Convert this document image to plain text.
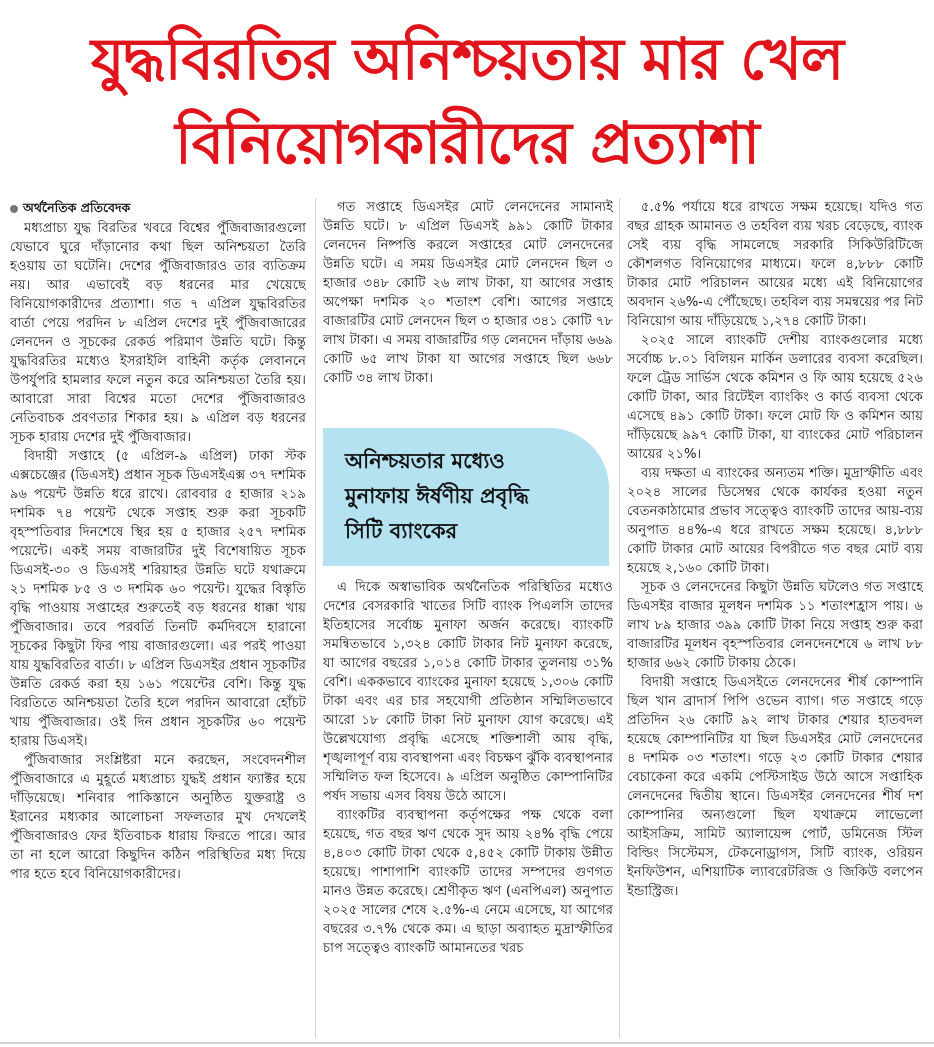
যুদ্ধবিরতির অনিশ্চয়তায় মার খেল
বিনিয়োগকারীদের প্রত্যাশা
অর্থনৈতিক প্রতিবেদক

মধ্যপ্রাচ্য যুদ্ধ বিরতির খবরে বিশ্বের পুঁজিবাজারগুলো যেভাবে ঘুরে দাঁড়ানোর কথা ছিল অনিশ্চয়তা তৈরি হওয়ায় তা ঘটেনি। দেশের পুঁজিবাজারও তার ব্যতিক্রম নয়। আর এভাবেই বড় ধরনের মার খেয়েছে বিনিয়োগকারীদের প্রত্যাশা। গত ৭ এপ্রিল যুদ্ধবিরতির বার্তা পেয়ে পরদিন ৮ এপ্রিল দেশের দুই পুঁজিবাজারের লেনদেন ও সূচকের রেকর্ড পরিমাণ উন্নতি ঘটে। কিন্তু যুদ্ধবিরতির মধ্যেও ইসরাইলি বাহিনী কর্তৃক লেবাননে উপর্যুপরি হামলার ফলে নতুন করে অনিশ্চয়তা তৈরি হয়। আবারো সারা বিশ্বের মতো দেশের পুঁজিবাজারও নেতিবাচক প্রবণতার শিকার হয়। ৯ এপ্রিল বড় ধরনের সূচক হারায় দেশের দুই পুঁজিবাজার।

বিদায়ী সপ্তাহে (৫ এপ্রিল-৯ এপ্রিল) ঢাকা স্টক এক্সচেঞ্জের (ডিএসই) প্রধান সূচক ডিএসইএক্স ৩৭ দশমিক ৯৬ পয়েন্ট উন্নতি ধরে রাখে। রোববার ৫ হাজার ২১৯ দশমিক ৭৪ পয়েন্ট থেকে সপ্তাহ শুরু করা সূচকটি বৃহস্পতিবার দিনশেষে স্থির হয় ৫ হাজার ২৫৭ দশমিক পয়েন্টে। একই সময় বাজারটির দুই বিশেষায়িত সূচক ডিএসই-৩০ ও ডিএসই শরিয়াহর উন্নতি ঘটে যথাক্রমে ২১ দশমিক ৮৫ ও ৩ দশমিক ৬০ পয়েন্ট। যুদ্ধের বিস্তৃতি বৃদ্ধি পাওয়ায় সপ্তাহের শুরুতেই বড় ধরনের ধাক্কা খায় পুঁজিবাজার। তবে পরবর্তি তিনটি কর্মদিবসে হারানো সূচকের কিছুটা ফির পায় বাজারগুলো। এর পরই পাওয়া যায় যুদ্ধবিরতির বার্তা। ৮ এপ্রিল ডিএসইর প্রধান সূচকটির উন্নতি রেকর্ড করা হয় ১৬১ পয়েন্টের বেশি। কিন্তু যুদ্ধ বিরতিতে অনিশ্চয়তা তৈরি হলে পরদিন আবারো হোঁচট খায় পুঁজিবাজার। ওই দিন প্রধান সূচকটির ৬০ পয়েন্ট হারায় ডিএসই।

পুঁজিবাজার সংশ্লিষ্টরা মনে করছেন, সংবেদনশীল পুঁজিবাজারে এ মুহূর্তে মধ্যপ্রাচ্য যুদ্ধই প্রধান ফ্যাক্টর হয়ে দাঁড়িয়েছে। শনিবার পাকিস্তানে অনুষ্ঠিত যুক্তরাষ্ট্র ও ইরানের মধ্যকার আলোচনা সফলতার মুখ দেখলেই পুঁজিবাজারও ফের ইতিবাচক ধারায় ফিরতে পারে। আর তা না হলে আরো কিছুদিন কঠিন পরিস্থিতির মধ্য দিয়ে পার হতে হবে বিনিয়োগকারীদের।

গত সপ্তাহে ডিএসইর মোট লেনদেনের সামান্যই উন্নতি ঘটে। ৮ এপ্রিল ডিএসই ৯৯১ কোটি টাকার লেনদেন নিষ্পত্তি করলে সপ্তাহের মোট লেনদেনের উন্নতি ঘটে। এ সময় ডিএসইর মোট লেনদেন ছিল ৩ হাজার ৩৪৮ কোটি ২৬ লাখ টাকা, যা আগের সপ্তাহ অপেক্ষা দশমিক ২০ শতাংশ বেশি। আগের সপ্তাহে বাজারটির মোট লেনদেন ছিল ৩ হাজার ৩৪১ কোটি ৭৮ লাখ টাকা। এ সময় বাজারটির গড় লেনদেন দাঁড়ায় ৬৬৯ কোটি ৬৫ লাখ টাকা যা আগের সপ্তাহে ছিল ৬৬৮ কোটি ৩৪ লাখ টাকা।

অনিশ্চয়তার মধ্যেও
মুনাফায় ঈর্ষণীয় প্রবৃদ্ধি
সিটি ব্যাংকের

এ দিকে অস্বাভাবিক অর্থনৈতিক পরিস্থিতির মধ্যেও দেশের বেসরকারি খাতের সিটি ব্যাংক পিএলসি তাদের ইতিহাসের সর্বোচ্চ মুনাফা অর্জন করেছে। ব্যাংকটি সমন্বিতভাবে ১,৩২৪ কোটি টাকার নিট মুনাফা করেছে, যা আগের বছরের ১,০১৪ কোটি টাকার তুলনায় ৩১% বেশি। এককভাবে ব্যাংকের মুনাফা হয়েছে ১,৩০৬ কোটি টাকা এবং এর চার সহযোগী প্রতিষ্ঠান সম্মিলিতভাবে আরো ১৮ কোটি টাকা নিট মুনাফা যোগ করেছে। এই উল্লেখযোগ্য প্রবৃদ্ধি এসেছে শক্তিশালী আয় বৃদ্ধি, শৃঙ্খলাপূর্ণ ব্যয় ব্যবস্থাপনা এবং বিচক্ষণ ঝুঁকি ব্যবস্থাপনার সম্মিলিত ফল হিসেবে। ৯ এপ্রিল অনুষ্ঠিত কোম্পানিটির পর্ষদ সভায় এসব বিষয় উঠে আসে।

ব্যাংকটির ব্যবস্থাপনা কর্তৃপক্ষের পক্ষ থেকে বলা হয়েছে, গত বছর ঋণ থেকে সুদ আয় ২৪% বৃদ্ধি পেয়ে ৪,৪০৩ কোটি টাকা থেকে ৫,৪৫২ কোটি টাকায় উন্নীত হয়েছে। পাশাপাশি ব্যাংকটি তাদের সম্পদের গুণগত মানও উন্নত করেছে। শ্রেণীকৃত ঋণ (এনপিএল) অনুপাত ২০২৫ সালের শেষে ২.৫%-এ নেমে এসেছে, যা আগের বছরের ৩.৭% থেকে কম। এ ছাড়া অব্যাহত মুদ্রাস্ফীতির চাপ সত্ত্বেও ব্যাংকটি আমানতের খরচ

৫.৫% পর্যায়ে ধরে রাখতে সক্ষম হয়েছে। যদিও গত বছর গ্রাহক আমানত ও তহবিল ব্যয় খরচ বেড়েছে, ব্যাংক সেই ব্যয় বৃদ্ধি সামলেছে সরকারি সিকিউরিটিজে কৌশলগত বিনিয়োগের মাধ্যমে। ফলে ৪,৮৮৮ কোটি টাকার মোট পরিচালন আয়ের মধ্যে এই বিনিয়োগের অবদান ২৬%-এ পৌঁছেছে। তহবিল ব্যয় সমন্বয়ের পর নিট বিনিয়োগ আয় দাঁড়িয়েছে ১,২৭৪ কোটি টাকা।

২০২৫ সালে ব্যাংকটি দেশীয় ব্যাংকগুলোর মধ্যে সর্বোচ্চ ৮.০১ বিলিয়ন মার্কিন ডলারের ব্যবসা করেছিল। ফলে ট্রেড সার্ভিস থেকে কমিশন ও ফি আয় হয়েছে ৫২৬ কোটি টাকা, আর রিটেইল ব্যাংকিং ও কার্ড ব্যবসা থেকে এসেছে ৪৯১ কোটি টাকা। ফলে মোট ফি ও কমিশন আয় দাঁড়িয়েছে ৯৯৭ কোটি টাকা, যা ব্যাংকের মোট পরিচালন আয়ের ২১%।

ব্যয় দক্ষতা এ ব্যাংকের অন্যতম শক্তি। মুদ্রাস্ফীতি এবং ২০২৪ সালের ডিসেম্বর থেকে কার্যকর হওয়া নতুন বেতনকাঠামোর প্রভাব সত্ত্বেও ব্যাংকটি তাদের আয়-ব্যয় অনুপাত ৪৪%-এ ধরে রাখতে সক্ষম হয়েছে। ৪,৮৮৮ কোটি টাকার মোট আয়ের বিপরীতে গত বছর মোট ব্যয় হয়েছে ২,১৬০ কোটি টাকা।

সূচক ও লেনদেনের কিছুটা উন্নতি ঘটলেও গত সপ্তাহে ডিএসইর বাজার মূলধন দশমিক ১১ শতাংশহ্রাস পায়। ৬ লাখ ৮৯ হাজার ৩৯৯ কোটি টাকা নিয়ে সপ্তাহ শুরু করা বাজারটির মূলধন বৃহস্পতিবার লেনদেনশেষে ৬ লাখ ৮৮ হাজার ৬৬২ কোটি টাকায় ঠেকে।

বিদায়ী সপ্তাহে ডিএসইতে লেনদেনের শীর্ষ কোম্পানি ছিল খান ব্রাদার্স পিপি ওভেন ব্যাগ। গত সপ্তাহে গড়ে প্রতিদিন ২৬ কোটি ৯২ লাখ টাকার শেয়ার হাতবদল হয়েছে কোম্পানিটির যা ছিল ডিএসইর মোট লেনদেনের ৪ দশমিক ০৩ শতাংশ। গড়ে ২৩ কোটি টাকার শেয়ার বেচাকেনা করে একমি পেস্টিসাইড উঠে আসে সপ্তাহিক লেনদেনের দ্বিতীয় স্থানে। ডিএসইর লেনদেনের শীর্ষ দশ কোম্পানির অন্যগুলো ছিল যথাক্রমে লাভেলো আইসক্রিম, সামিট অ্যালায়েন্স পোর্ট, ডমিনেজ স্টিল বিল্ডিং সিস্টেমস, টেকনোড্রাগস, সিটি ব্যাংক, ওরিয়ন ইনফিউশন, এশিয়াটিক ল্যাবরেটরিজ ও জিকিউ বলপেন ইন্ডাস্ট্রিজ।
